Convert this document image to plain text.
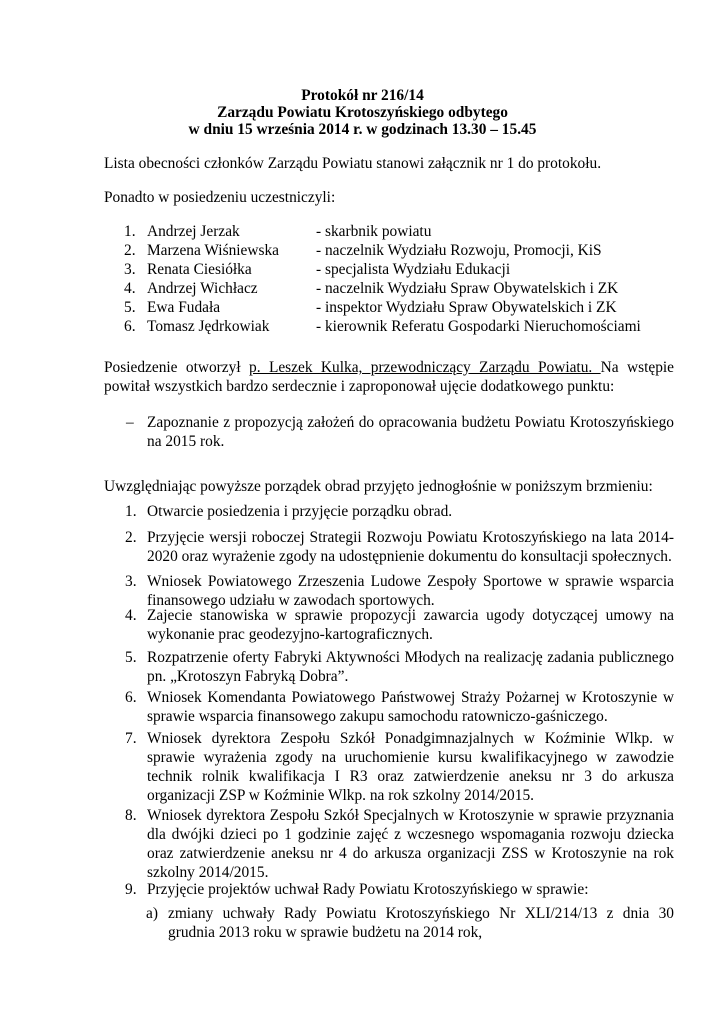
Protokół nr 216/14
Zarządu Powiatu Krotoszyńskiego odbytego
w dniu 15 września 2014 r. w godzinach 13.30 – 15.45
Lista obecności członków Zarządu Powiatu stanowi załącznik nr 1 do protokołu.
Ponadto w posiedzeniu uczestniczyli:
1. Andrzej Jerzak	- skarbnik powiatu
2. Marzena Wiśniewska - naczelnik Wydziału Rozwoju, Promocji, KiS
3. Renata Ciesiółka	- specjalista Wydziału Edukacji
4. Andrzej Wichłacz	- naczelnik Wydziału Spraw Obywatelskich i ZK
5. Ewa Fudała	- inspektor Wydziału Spraw Obywatelskich i ZK
6. Tomasz Jędrkowiak	- kierownik Referatu Gospodarki Nieruchomościami
Posiedzenie otworzył p. Leszek Kulka, przewodniczący Zarządu Powiatu. Na wstępie powitał wszystkich bardzo serdecznie i zaproponował ujęcie dodatkowego punktu:
– Zapoznanie z propozycją założeń do opracowania budżetu Powiatu Krotoszyńskiego na 2015 rok.
Uwzględniając powyższe porządek obrad przyjęto jednogłośnie w poniższym brzmieniu:
1. Otwarcie posiedzenia i przyjęcie porządku obrad.
2. Przyjęcie wersji roboczej Strategii Rozwoju Powiatu Krotoszyńskiego na lata 2014-2020 oraz wyrażenie zgody na udostępnienie dokumentu do konsultacji społecznych.
3. Wniosek Powiatowego Zrzeszenia Ludowe Zespoły Sportowe w sprawie wsparcia finansowego udziału w zawodach sportowych.
4. Zajecie stanowiska w sprawie propozycji zawarcia ugody dotyczącej umowy na wykonanie prac geodezyjno-kartograficznych.
5. Rozpatrzenie oferty Fabryki Aktywności Młodych na realizację zadania publicznego pn. „Krotoszyn Fabryką Dobra”.
6. Wniosek Komendanta Powiatowego Państwowej Straży Pożarnej w Krotoszynie w sprawie wsparcia finansowego zakupu samochodu ratowniczo-gaśniczego.
7. Wniosek dyrektora Zespołu Szkół Ponadgimnazjalnych w Koźminie Wlkp. w sprawie wyrażenia zgody na uruchomienie kursu kwalifikacyjnego w zawodzie technik rolnik kwalifikacja I R3 oraz zatwierdzenie aneksu nr 3 do arkusza organizacji ZSP w Koźminie Wlkp. na rok szkolny 2014/2015.
8. Wniosek dyrektora Zespołu Szkół Specjalnych w Krotoszynie w sprawie przyznania dla dwójki dzieci po 1 godzinie zajęć z wczesnego wspomagania rozwoju dziecka oraz zatwierdzenie aneksu nr 4 do arkusza organizacji ZSS w Krotoszynie na rok szkolny 2014/2015.
9. Przyjęcie projektów uchwał Rady Powiatu Krotoszyńskiego w sprawie:
a) zmiany uchwały Rady Powiatu Krotoszyńskiego Nr XLI/214/13 z dnia 30 grudnia 2013 roku w sprawie budżetu na 2014 rok,
